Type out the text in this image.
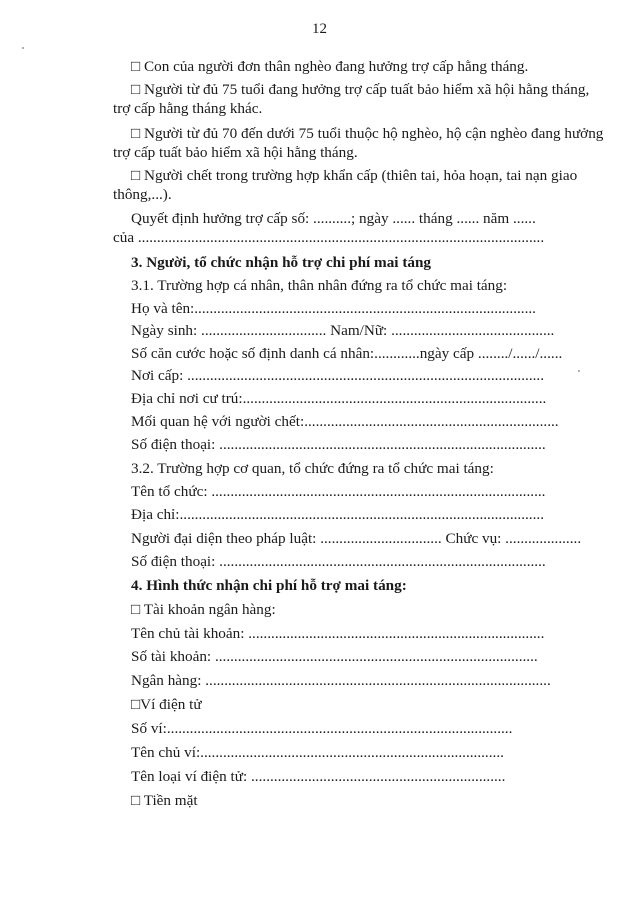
12
□ Con của người đơn thân nghèo đang hưởng trợ cấp hằng tháng.
□ Người từ đủ 75 tuổi đang hưởng trợ cấp tuất bảo hiểm xã hội hằng tháng,
trợ cấp hằng tháng khác.
□ Người từ đủ 70 đến dưới 75 tuổi thuộc hộ nghèo, hộ cận nghèo đang hưởng
trợ cấp tuất bảo hiểm xã hội hằng tháng.
□ Người chết trong trường hợp khẩn cấp (thiên tai, hỏa hoạn, tai nạn giao
thông,...).
Quyết định hưởng trợ cấp số: ..........; ngày ...... tháng ...... năm ......
của ...........................................................................................................
3. Người, tổ chức nhận hỗ trợ chi phí mai táng
3.1. Trường hợp cá nhân, thân nhân đứng ra tổ chức mai táng:
Họ và tên:..........................................................................................
Ngày sinh: ................................. Nam/Nữ: ...........................................
Số căn cước hoặc số định danh cá nhân:............ngày cấp ......../....../......
Nơi cấp: ..............................................................................................
Địa chỉ nơi cư trú:................................................................................
Mối quan hệ với người chết:...................................................................
Số điện thoại: ......................................................................................
3.2. Trường hợp cơ quan, tổ chức đứng ra tổ chức mai táng:
Tên tổ chức: ........................................................................................
Địa chỉ:................................................................................................
Người đại diện theo pháp luật: ................................ Chức vụ: ....................
Số điện thoại: ......................................................................................
4. Hình thức nhận chi phí hỗ trợ mai táng:
□ Tài khoản ngân hàng:
Tên chủ tài khoản: ..............................................................................
Số tài khoản: .....................................................................................
Ngân hàng: ...........................................................................................
□Ví điện tử
Số ví:...........................................................................................
Tên chủ ví:................................................................................
Tên loại ví điện tử: ...................................................................
□ Tiền mặt
